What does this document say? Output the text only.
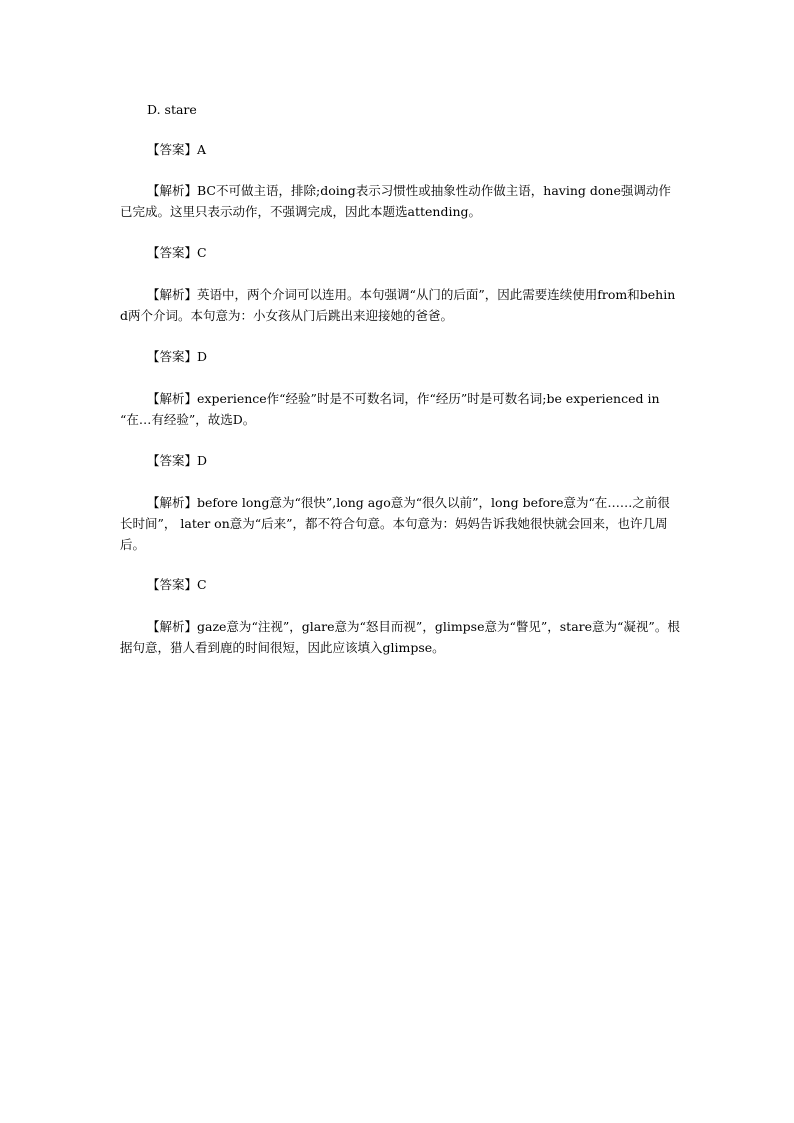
D. stare
【答案】A
【解析】BC不可做主语，排除;doing表示习惯性或抽象性动作做主语，having done强调动作已完成。这里只表示动作，不强调完成，因此本题选attending。
【答案】C
【解析】英语中，两个介词可以连用。本句强调“从门的后面”，因此需要连续使用from和behind两个介词。本句意为：小女孩从门后跳出来迎接她的爸爸。
【答案】D
【解析】experience作“经验”时是不可数名词，作“经历”时是可数名词;be experienced in “在…有经验”，故选D。
【答案】D
【解析】before long意为“很快”,long ago意为“很久以前”，long before意为“在……之前很长时间”， later on意为“后来”，都不符合句意。本句意为：妈妈告诉我她很快就会回来，也许几周后。
【答案】C
【解析】gaze意为“注视”，glare意为“怒目而视”，glimpse意为“瞥见”，stare意为“凝视”。根据句意，猎人看到鹿的时间很短，因此应该填入glimpse。
